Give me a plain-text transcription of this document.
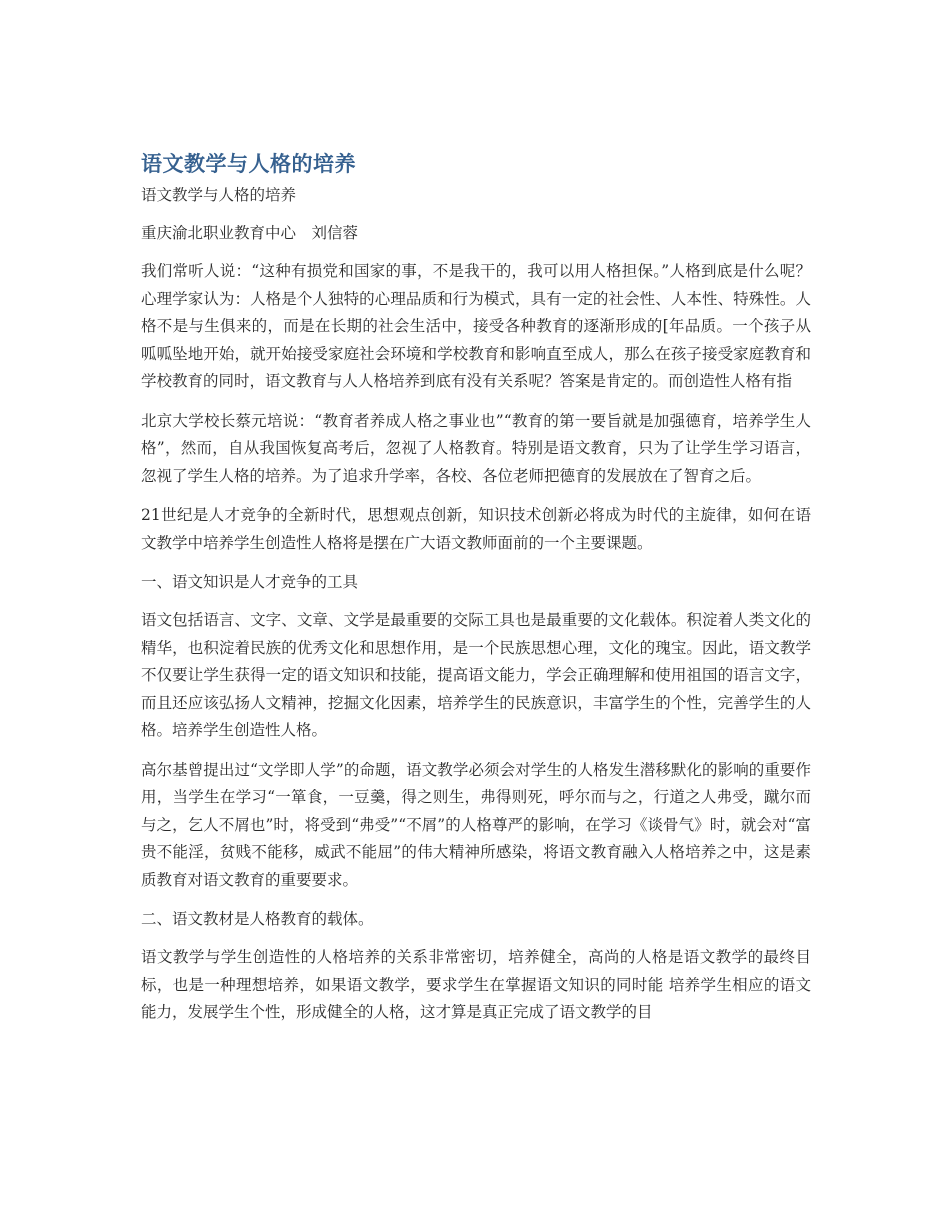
语文教学与人格的培养

语文教学与人格的培养

重庆渝北职业教育中心　刘信蓉

我们常听人说：“这种有损党和国家的事，不是我干的，我可以用人格担保。”人格到底是什么呢？心理学家认为：人格是个人独特的心理品质和行为模式，具有一定的社会性、人本性、特殊性。人格不是与生俱来的，而是在长期的社会生活中，接受各种教育的逐渐形成的[年品质。一个孩子从呱呱坠地开始，就开始接受家庭社会环境和学校教育和影响直至成人，那么在孩子接受家庭教育和学校教育的同时，语文教育与人人格培养到底有没有关系呢？答案是肯定的。而创造性人格有指

北京大学校长蔡元培说：“教育者养成人格之事业也”“教育的第一要旨就是加强德育，培养学生人格”，然而，自从我国恢复高考后，忽视了人格教育。特别是语文教育，只为了让学生学习语言，忽视了学生人格的培养。为了追求升学率，各校、各位老师把德育的发展放在了智育之后。

21世纪是人才竞争的全新时代，思想观点创新，知识技术创新必将成为时代的主旋律，如何在语文教学中培养学生创造性人格将是摆在广大语文教师面前的一个主要课题。

一、语文知识是人才竞争的工具

语文包括语言、文字、文章、文学是最重要的交际工具也是最重要的文化载体。积淀着人类文化的精华，也积淀着民族的优秀文化和思想作用，是一个民族思想心理，文化的瑰宝。因此，语文教学不仅要让学生获得一定的语文知识和技能，提高语文能力，学会正确理解和使用祖国的语言文字，而且还应该弘扬人文精神，挖掘文化因素，培养学生的民族意识，丰富学生的个性，完善学生的人格。培养学生创造性人格。

高尔基曾提出过“文学即人学”的命题，语文教学必须会对学生的人格发生潜移默化的影响的重要作用，当学生在学习“一箪食，一豆羹，得之则生，弗得则死，呼尔而与之，行道之人弗受，蹴尔而与之，乞人不屑也”时，将受到“弗受”“不屑”的人格尊严的影响，在学习《谈骨气》时，就会对“富贵不能淫，贫贱不能移，威武不能屈”的伟大精神所感染，将语文教育融入人格培养之中，这是素质教育对语文教育的重要要求。

二、语文教材是人格教育的载体。

语文教学与学生创造性的人格培养的关系非常密切，培养健全，高尚的人格是语文教学的最终目标，也是一种理想培养，如果语文教学，要求学生在掌握语文知识的同时能 培养学生相应的语文能力，发展学生个性，形成健全的人格，这才算是真正完成了语文教学的目
